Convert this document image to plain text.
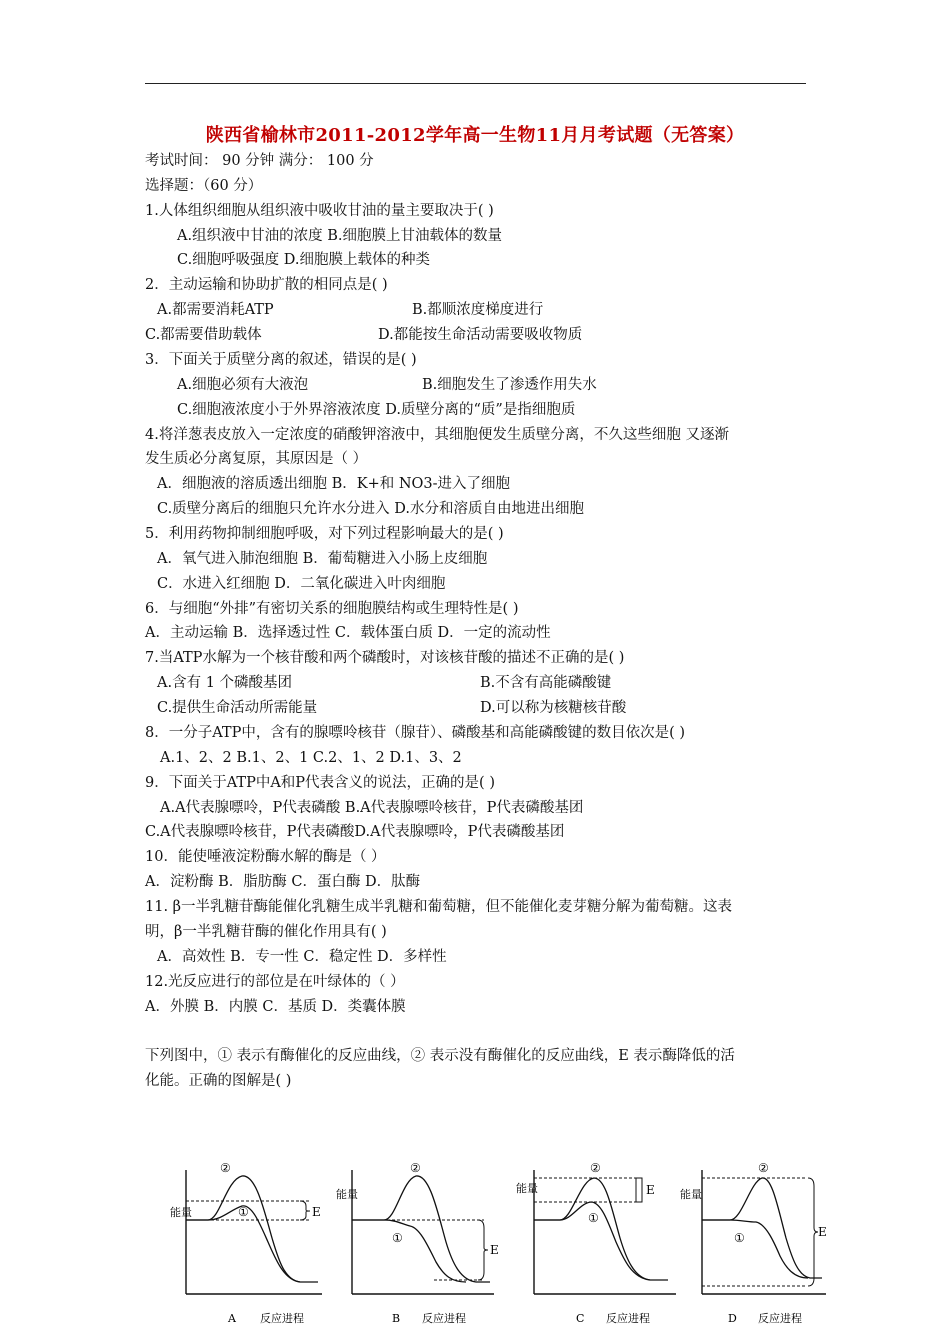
陕西省榆林市2011-2012学年高一生物11月月考试题（无答案）
考试时间： 90 分钟 满分： 100 分
选择题：（60 分）
1.人体组织细胞从组织液中吸收甘油的量主要取决于( )
A.组织液中甘油的浓度 B.细胞膜上甘油载体的数量
C.细胞呼吸强度 D.细胞膜上载体的种类
2．主动运输和协助扩散的相同点是( )
A.都需要消耗ATP	B.都顺浓度梯度进行
C.都需要借助载体	D.都能按生命活动需要吸收物质
3．下面关于质壁分离的叙述，错误的是( )
A.细胞必须有大液泡	B.细胞发生了渗透作用失水
C.细胞液浓度小于外界溶液浓度 D.质壁分离的“质”是指细胞质
4.将洋葱表皮放入一定浓度的硝酸钾溶液中，其细胞便发生质壁分离，不久这些细胞 又逐渐
发生质必分离复原，其原因是（ ）
A．细胞液的溶质透出细胞 B．K+和 NO3-进入了细胞
C.质壁分离后的细胞只允许水分进入 D.水分和溶质自由地进出细胞
5．利用药物抑制细胞呼吸，对下列过程影响最大的是( )
A．氧气进入肺泡细胞 B．葡萄糖进入小肠上皮细胞
C．水进入红细胞 D．二氧化碳进入叶肉细胞
6．与细胞“外排”有密切关系的细胞膜结构或生理特性是( )
A．主动运输 B．选择透过性 C．载体蛋白质 D．一定的流动性
7.当ATP水解为一个核苷酸和两个磷酸时，对该核苷酸的描述不正确的是( )
A.含有 1 个磷酸基团	B.不含有高能磷酸键
C.提供生命活动所需能量	D.可以称为核糖核苷酸
8．一分子ATP中，含有的腺嘌呤核苷（腺苷）、磷酸基和高能磷酸键的数目依次是( )
A.1、2、2 B.1、2、1 C.2、1、2 D.1、3、2
9．下面关于ATP中A和P代表含义的说法，正确的是( )
A.A代表腺嘌呤，P代表磷酸 B.A代表腺嘌呤核苷，P代表磷酸基团
C.A代表腺嘌呤核苷，P代表磷酸D.A代表腺嘌呤，P代表磷酸基团
10．能使唾液淀粉酶水解的酶是（ ）
A．淀粉酶 B．脂肪酶 C．蛋白酶 D．肽酶
11. β一半乳糖苷酶能催化乳糖生成半乳糖和葡萄糖，但不能催化麦芽糖分解为葡萄糖。这表
明，β一半乳糖苷酶的催化作用具有( )
A．高效性 B．专一性 C．稳定性 D．多样性
12.光反应进行的部位是在叶绿体的（ ）
A．外膜 B．内膜 C．基质 D．类囊体膜
下列图中，① 表示有酶催化的反应曲线，② 表示没有酶催化的反应曲线，E 表示酶降低的活
化能。正确的图解是( )
能量
②
①	E
A 反应进程
能量
②
①
E
B 反应进程
能量
②
①
E
C 反应进程
能量
②
①	E
D 反应进程
